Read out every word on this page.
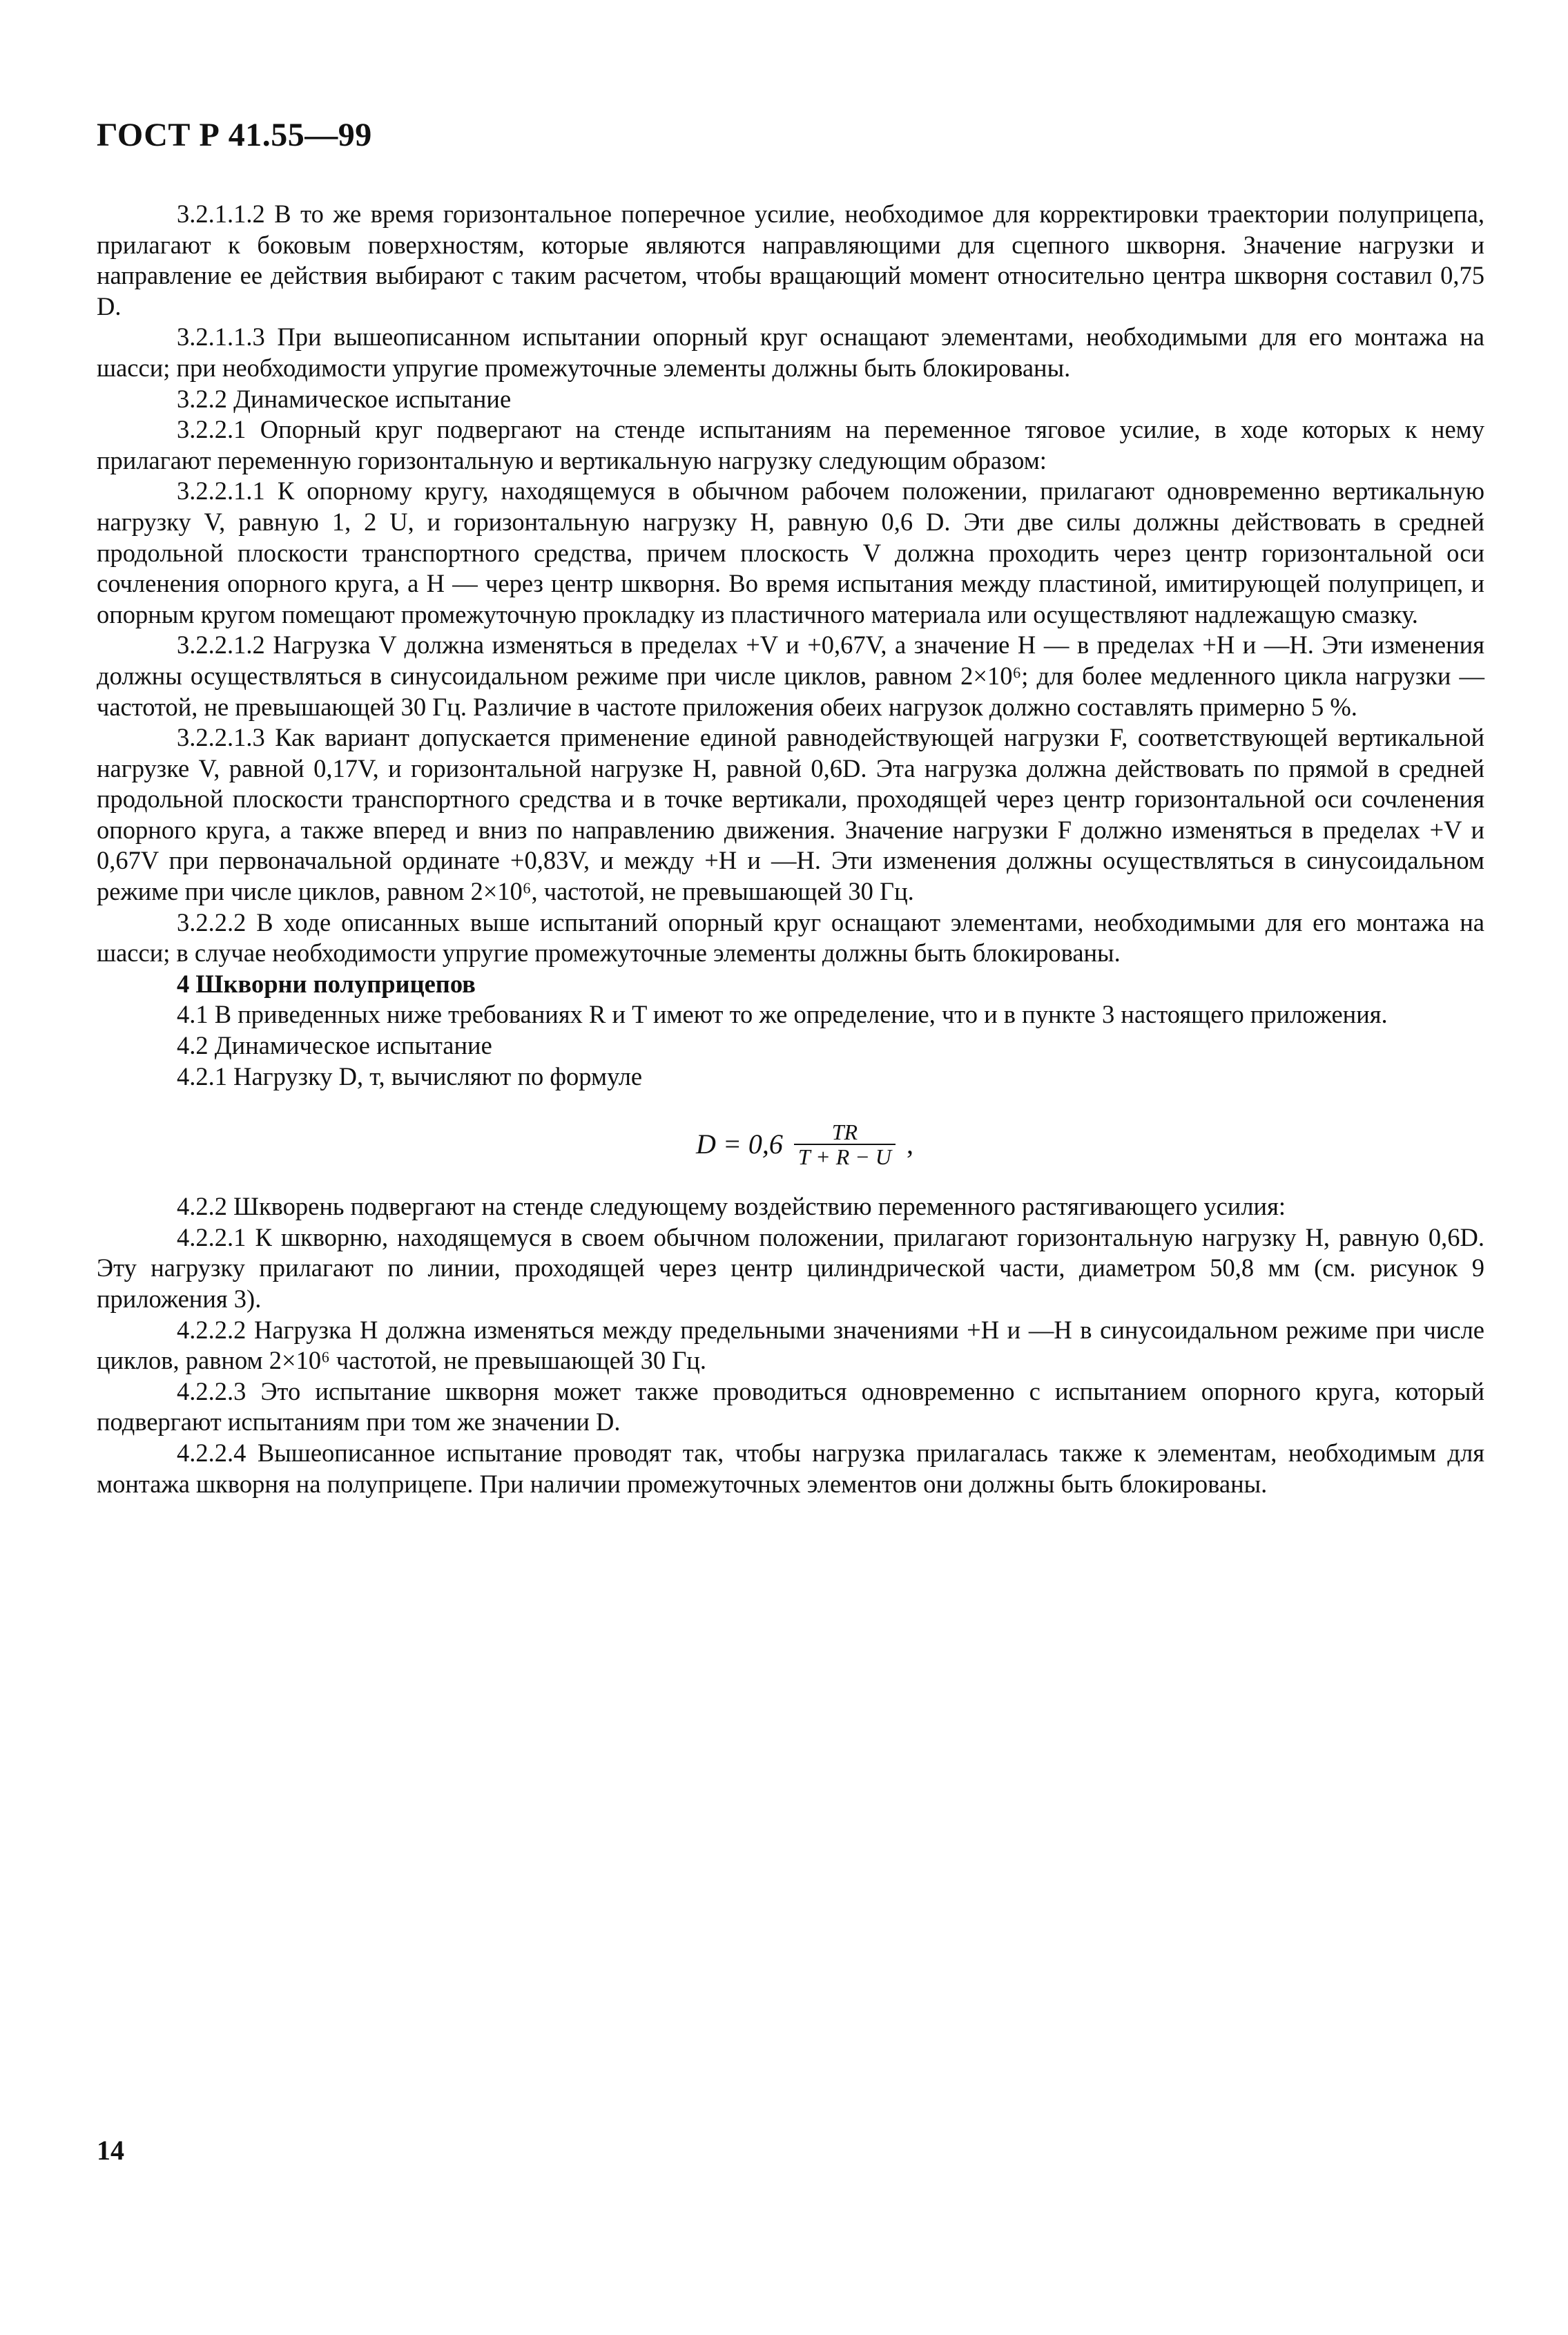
ГОСТ Р 41.55—99

3.2.1.1.2 В то же время горизонтальное поперечное усилие, необходимое для корректировки траектории полуприцепа, прилагают к боковым поверхностям, которые являются направляющими для сцепного шкворня. Значение нагрузки и направление ее действия выбирают с таким расчетом, чтобы вращающий момент относительно центра шкворня составил 0,75 D.

3.2.1.1.3 При вышеописанном испытании опорный круг оснащают элементами, необходимыми для его монтажа на шасси; при необходимости упругие промежуточные элементы должны быть блокированы.

3.2.2 Динамическое испытание

3.2.2.1 Опорный круг подвергают на стенде испытаниям на переменное тяговое усилие, в ходе которых к нему прилагают переменную горизонтальную и вертикальную нагрузку следующим образом:

3.2.2.1.1 К опорному кругу, находящемуся в обычном рабочем положении, прилагают одновременно вертикальную нагрузку V, равную 1, 2 U, и горизонтальную нагрузку H, равную 0,6 D. Эти две силы должны действовать в средней продольной плоскости транспортного средства, причем плоскость V должна проходить через центр горизонтальной оси сочленения опорного круга, а H — через центр шкворня. Во время испытания между пластиной, имитирующей полуприцеп, и опорным кругом помещают промежуточную прокладку из пластичного материала или осуществляют надлежащую смазку.

3.2.2.1.2 Нагрузка V должна изменяться в пределах +V и +0,67V, а значение H — в пределах +H и —H. Эти изменения должны осуществляться в синусоидальном режиме при числе циклов, равном 2×10⁶; для более медленного цикла нагрузки — частотой, не превышающей 30 Гц. Различие в частоте приложения обеих нагрузок должно составлять примерно 5 %.

3.2.2.1.3 Как вариант допускается применение единой равнодействующей нагрузки F, соответствующей вертикальной нагрузке V, равной 0,17V, и горизонтальной нагрузке H, равной 0,6D. Эта нагрузка должна действовать по прямой в средней продольной плоскости транспортного средства и в точке вертикали, проходящей через центр горизонтальной оси сочленения опорного круга, а также вперед и вниз по направлению движения. Значение нагрузки F должно изменяться в пределах +V и 0,67V при первоначальной ординате +0,83V, и между +H и —H. Эти изменения должны осуществляться в синусоидальном режиме при числе циклов, равном 2×10⁶, частотой, не превышающей 30 Гц.

3.2.2.2 В ходе описанных выше испытаний опорный круг оснащают элементами, необходимыми для его монтажа на шасси; в случае необходимости упругие промежуточные элементы должны быть блокированы.

4 Шкворни полуприцепов

4.1 В приведенных ниже требованиях R и T имеют то же определение, что и в пункте 3 настоящего приложения.

4.2 Динамическое испытание

4.2.1 Нагрузку D, т, вычисляют по формуле

$D = 0,6 \frac{TR}{T + R - U}$ ,

4.2.2 Шкворень подвергают на стенде следующему воздействию переменного растягивающего усилия:

4.2.2.1 К шкворню, находящемуся в своем обычном положении, прилагают горизонтальную нагрузку H, равную 0,6D. Эту нагрузку прилагают по линии, проходящей через центр цилиндрической части, диаметром 50,8 мм (см. рисунок 9 приложения 3).

4.2.2.2 Нагрузка H должна изменяться между предельными значениями +H и —H в синусоидальном режиме при числе циклов, равном 2×10⁶ частотой, не превышающей 30 Гц.

4.2.2.3 Это испытание шкворня может также проводиться одновременно с испытанием опорного круга, который подвергают испытаниям при том же значении D.

4.2.2.4 Вышеописанное испытание проводят так, чтобы нагрузка прилагалась также к элементам, необходимым для монтажа шкворня на полуприцепе. При наличии промежуточных элементов они должны быть блокированы.

14
